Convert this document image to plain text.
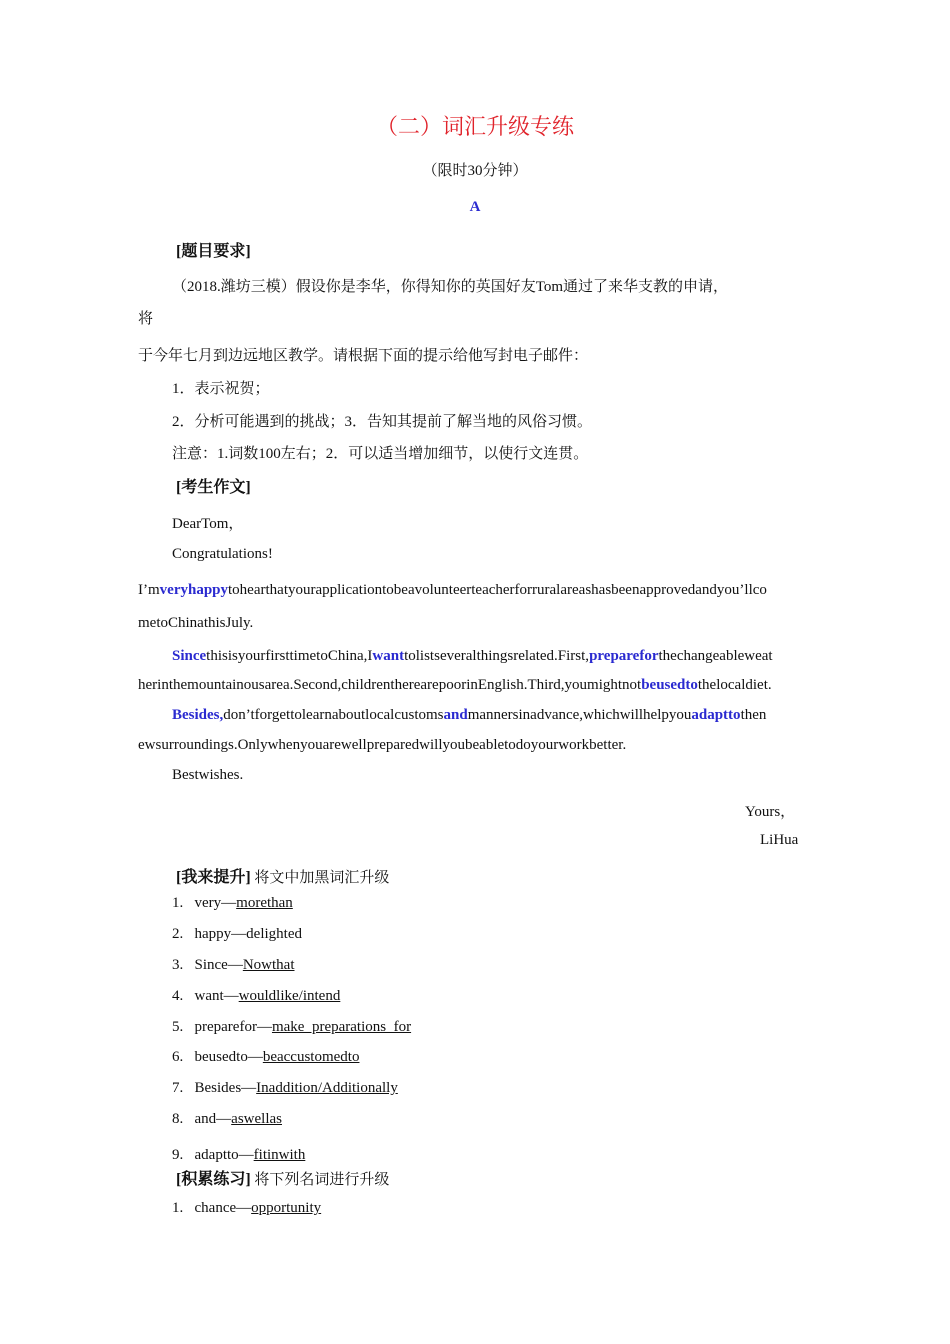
（二）词汇升级专练
（限时30分钟）
A
[题目要求]
（2018.潍坊三模）假设你是李华，你得知你的英国好友Tom通过了来华支教的申请，
将
于今年七月到边远地区教学。请根据下面的提示给他写封电子邮件：
1．表示祝贺；
2．分析可能遇到的挑战；3．告知其提前了解当地的风俗习惯。
注意：1.词数100左右；2．可以适当增加细节，以使行文连贯。
[考生作文]
DearTom，
Congratulations!
I’mveryhappytohearthatyourapplicationtobeavolunteerteacherforruralareashasbeenapprovedandyou’llco
metoChinathisJuly.
SincethisisyourfirsttimetoChina,Iwanttolistseveralthingsrelated.First,prepareforthechangeableweat
herinthemountainousarea.Second,childrentherearepoorinEnglish.Third,youmightnotbeusedtothelocaldiet.
Besides,don’tforgettolearnaboutlocalcustomsandmannersinadvance,whichwillhelpyouadapttothen
ewsurroundings.Onlywhenyouarewellpreparedwillyoubeabletodoyourworkbetter.
Bestwishes.
Yours，
LiHua
[我来提升] 将文中加黑词汇升级
1. very—morethan
2. happy—delighted
3. Since—Nowthat
4. want—wouldlike/intend
5. preparefor—make  preparations  for
6. beusedto—beaccustomedto
7. Besides—Inaddition/Additionally
8. and—aswellas
9. adaptto—fitinwith
[积累练习] 将下列名词进行升级
1. chance—opportunity
